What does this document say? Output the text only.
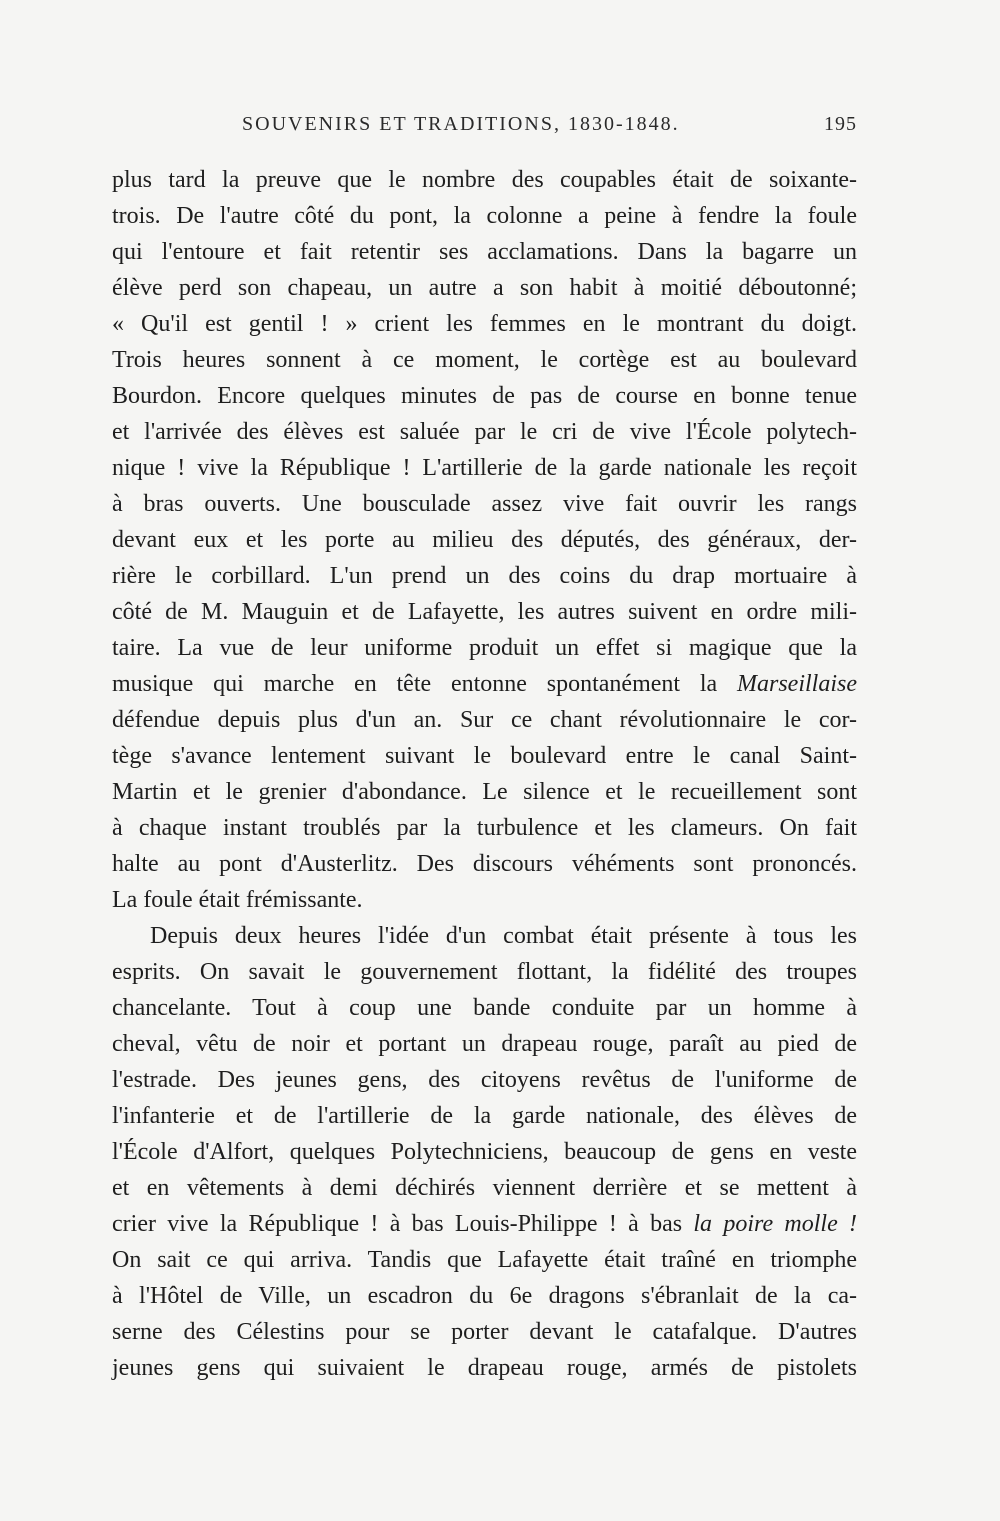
SOUVENIRS ET TRADITIONS, 1830-1848.	195

plus tard la preuve que le nombre des coupables était de soixante-
trois. De l'autre côté du pont, la colonne a peine à fendre la foule
qui l'entoure et fait retentir ses acclamations. Dans la bagarre un
élève perd son chapeau, un autre a son habit à moitié déboutonné;
« Qu'il est gentil ! » crient les femmes en le montrant du doigt.
Trois heures sonnent à ce moment, le cortège est au boulevard
Bourdon. Encore quelques minutes de pas de course en bonne tenue
et l'arrivée des élèves est saluée par le cri de vive l'École polytech-
nique ! vive la République ! L'artillerie de la garde nationale les reçoit
à bras ouverts. Une bousculade assez vive fait ouvrir les rangs
devant eux et les porte au milieu des députés, des généraux, der-
rière le corbillard. L'un prend un des coins du drap mortuaire à
côté de M. Mauguin et de Lafayette, les autres suivent en ordre mili-
taire. La vue de leur uniforme produit un effet si magique que la
musique qui marche en tête entonne spontanément la Marseillaise
défendue depuis plus d'un an. Sur ce chant révolutionnaire le cor-
tège s'avance lentement suivant le boulevard entre le canal Saint-
Martin et le grenier d'abondance. Le silence et le recueillement sont
à chaque instant troublés par la turbulence et les clameurs. On fait
halte au pont d'Austerlitz. Des discours véhéments sont prononcés.
La foule était frémissante.

Depuis deux heures l'idée d'un combat était présente à tous les
esprits. On savait le gouvernement flottant, la fidélité des troupes
chancelante. Tout à coup une bande conduite par un homme à
cheval, vêtu de noir et portant un drapeau rouge, paraît au pied de
l'estrade. Des jeunes gens, des citoyens revêtus de l'uniforme de
l'infanterie et de l'artillerie de la garde nationale, des élèves de
l'École d'Alfort, quelques Polytechniciens, beaucoup de gens en veste
et en vêtements à demi déchirés viennent derrière et se mettent à
crier vive la République ! à bas Louis-Philippe ! à bas la poire molle !
On sait ce qui arriva. Tandis que Lafayette était traîné en triomphe
à l'Hôtel de Ville, un escadron du 6e dragons s'ébranlait de la ca-
serne des Célestins pour se porter devant le catafalque. D'autres
jeunes gens qui suivaient le drapeau rouge, armés de pistolets
